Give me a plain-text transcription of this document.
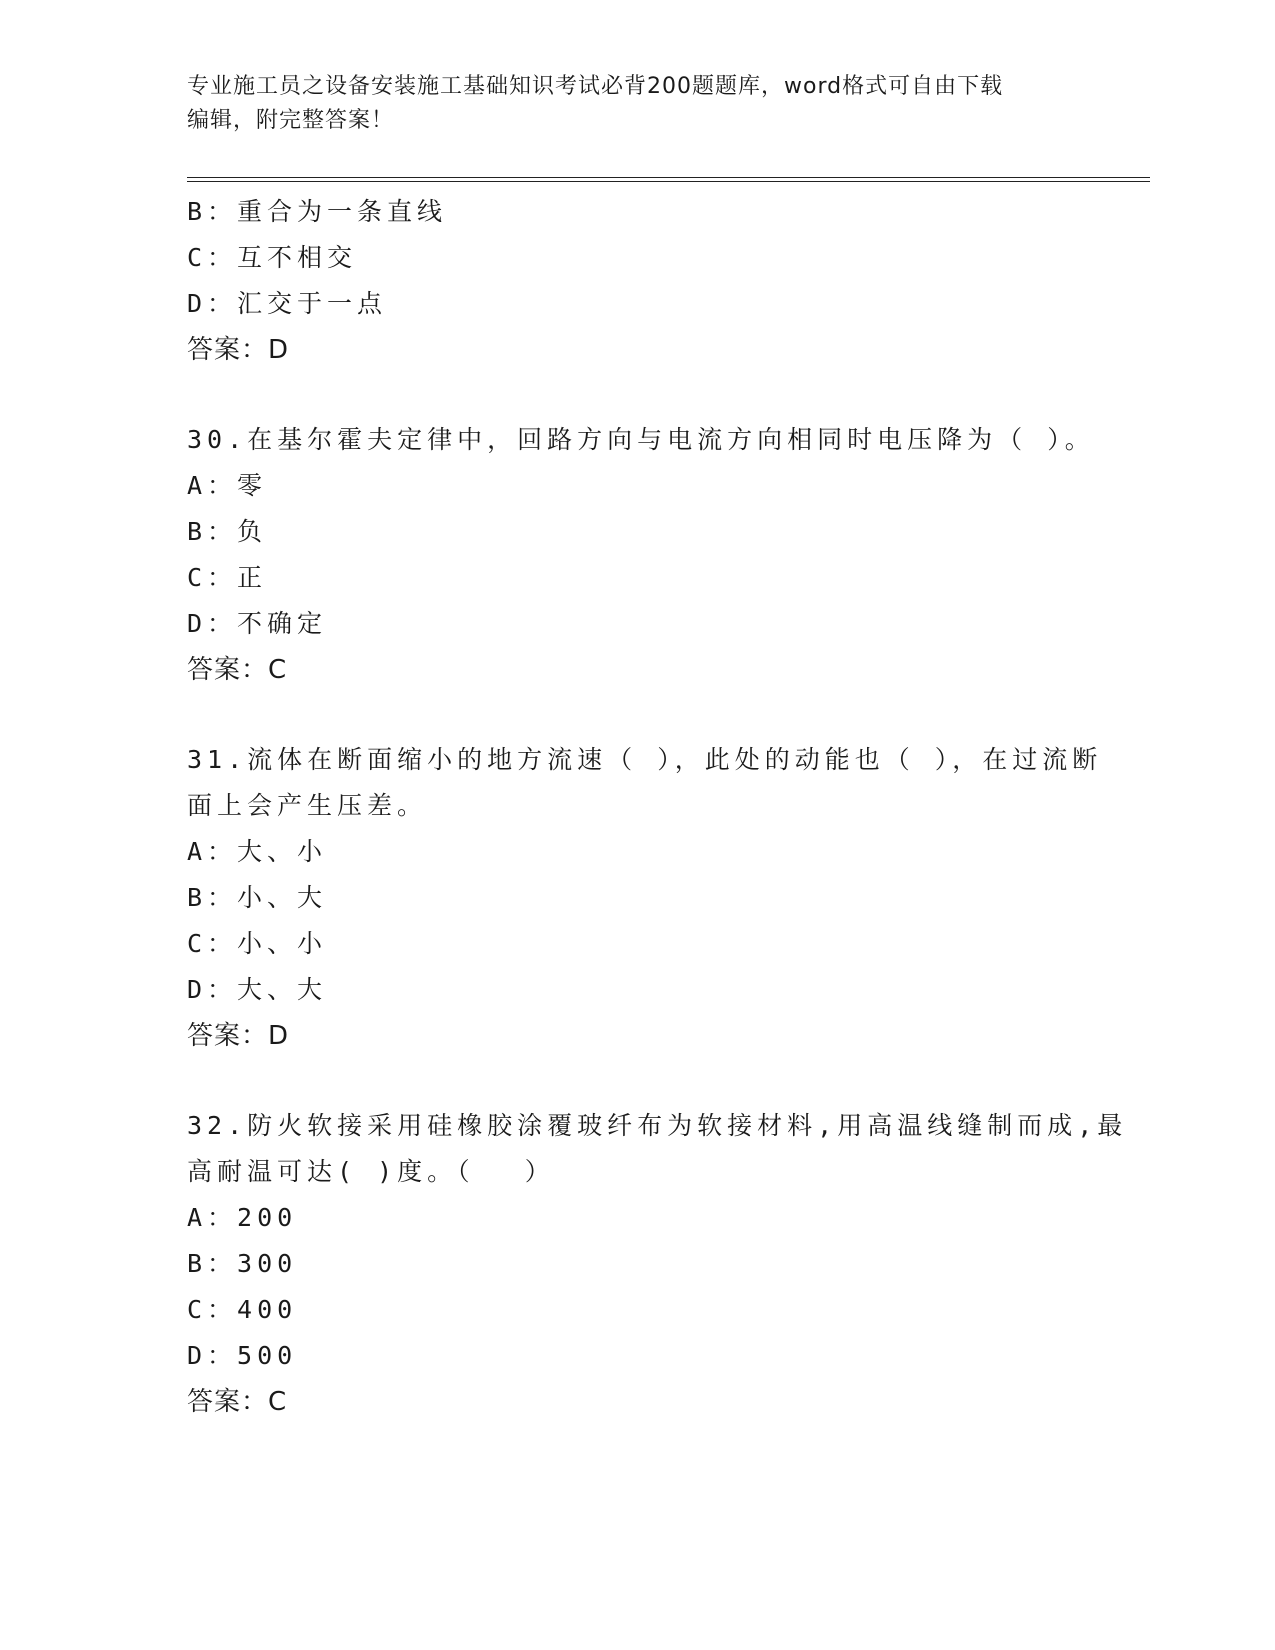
专业施工员之设备安装施工基础知识考试必背200题题库，word格式可自由下载
编辑，附完整答案！
B：重合为一条直线
C：互不相交
D：汇交于一点
答案：D
30.在基尔霍夫定律中，回路方向与电流方向相同时电压降为（ ）。
A：零
B：负
C：正
D：不确定
答案：C
31.流体在断面缩小的地方流速（ ），此处的动能也（ ），在过流断
面上会产生压差。
A：大、小
B：小、大
C：小、小
D：大、大
答案：D
32.防火软接采用硅橡胶涂覆玻纤布为软接材料,用高温线缝制而成,最
高耐温可达( )度。（　 ）
A：200
B：300
C：400
D：500
答案：C
